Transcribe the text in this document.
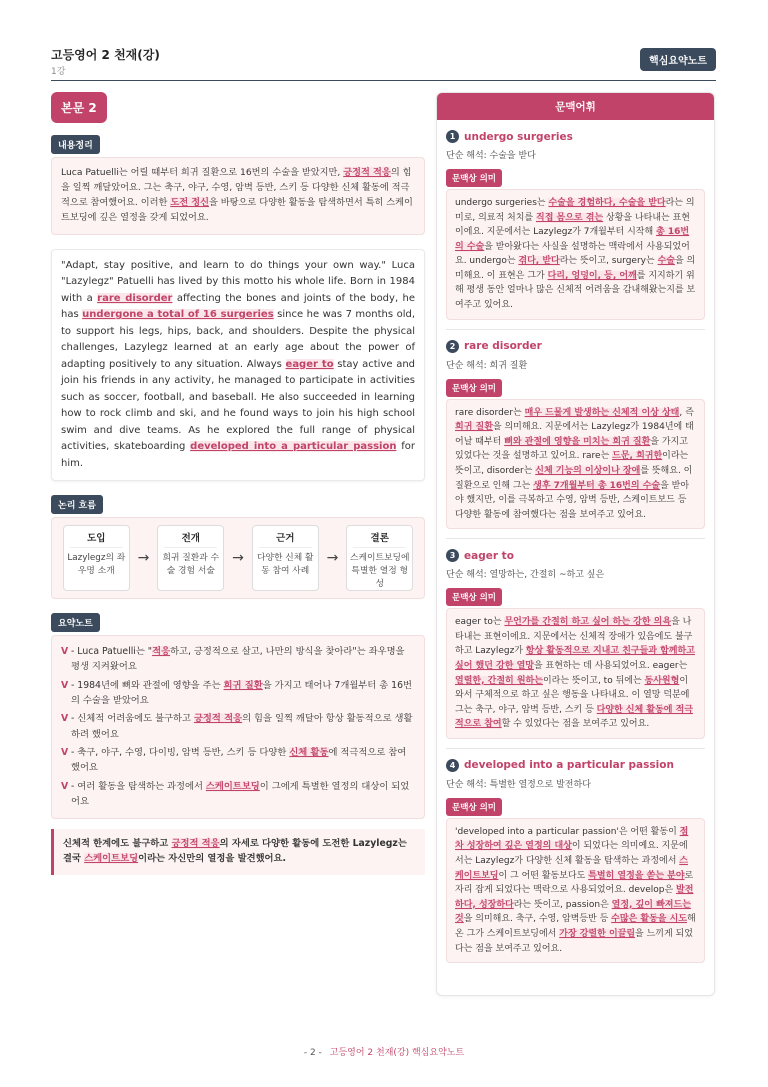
고등영어 2 천재(강)
1강
핵심요약노트
본문 2
내용정리
Luca Patuelli는 어릴 때부터 희귀 질환으로 16번의 수술을 받았지만, 긍정적 적응의 힘을 일찍 깨달았어요. 그는 축구, 야구, 수영, 암벽 등반, 스키 등 다양한 신체 활동에 적극적으로 참여했어요. 이러한 도전 정신을 바탕으로 다양한 활동을 탐색하면서 특히 스케이트보딩에 깊은 열정을 갖게 되었어요.
"Adapt, stay positive, and learn to do things your own way." Luca "Lazylegz" Patuelli has lived by this motto his whole life. Born in 1984 with a rare disorder affecting the bones and joints of the body, he has undergone a total of 16 surgeries since he was 7 months old, to support his legs, hips, back, and shoulders. Despite the physical challenges, Lazylegz learned at an early age about the power of adapting positively to any situation. Always eager to stay active and join his friends in any activity, he managed to participate in activities such as soccer, football, and baseball. He also succeeded in learning how to rock climb and ski, and he found ways to join his high school swim and dive teams. As he explored the full range of physical activities, skateboarding developed into a particular passion for him.
논리 흐름
도입
Lazylegz의 좌우명 소개
→
전개
희귀 질환과 수술 경험 서술
→
근거
다양한 신체 활동 참여 사례
→
결론
스케이트보딩에 특별한 열정 형성
요약노트
V - Luca Patuelli는 "적응하고, 긍정적으로 살고, 나만의 방식을 찾아라"는 좌우명을 평생 지켜왔어요
V - 1984년에 뼈와 관절에 영향을 주는 희귀 질환을 가지고 태어나 7개월부터 총 16번의 수술을 받았어요
V - 신체적 어려움에도 불구하고 긍정적 적응의 힘을 일찍 깨달아 항상 활동적으로 생활하려 했어요
V - 축구, 야구, 수영, 다이빙, 암벽 등반, 스키 등 다양한 신체 활동에 적극적으로 참여했어요
V - 여러 활동을 탐색하는 과정에서 스케이트보딩이 그에게 특별한 열정의 대상이 되었어요
신체적 한계에도 불구하고 긍정적 적응의 자세로 다양한 활동에 도전한 Lazylegz는 결국 스케이트보딩이라는 자신만의 열정을 발견했어요.
문맥어휘
1 undergo surgeries
단순 해석: 수술을 받다
문맥상 의미
undergo surgeries는 수술을 경험하다, 수술을 받다라는 의미로, 의료적 처치를 직접 몸으로 겪는 상황을 나타내는 표현이에요. 지문에서는 Lazylegz가 7개월부터 시작해 총 16번의 수술을 받아왔다는 사실을 설명하는 맥락에서 사용되었어요. undergo는 겪다, 받다라는 뜻이고, surgery는 수술을 의미해요. 이 표현은 그가 다리, 엉덩이, 등, 어깨를 지지하기 위해 평생 동안 얼마나 많은 신체적 어려움을 감내해왔는지를 보여주고 있어요.
2 rare disorder
단순 해석: 희귀 질환
문맥상 의미
rare disorder는 매우 드물게 발생하는 신체적 이상 상태, 즉 희귀 질환을 의미해요. 지문에서는 Lazylegz가 1984년에 태어날 때부터 뼈와 관절에 영향을 미치는 희귀 질환을 가지고 있었다는 것을 설명하고 있어요. rare는 드문, 희귀한이라는 뜻이고, disorder는 신체 기능의 이상이나 장애를 뜻해요. 이 질환으로 인해 그는 생후 7개월부터 총 16번의 수술을 받아야 했지만, 이를 극복하고 수영, 암벽 등반, 스케이트보드 등 다양한 활동에 참여했다는 점을 보여주고 있어요.
3 eager to
단순 해석: 열망하는, 간절히 ~하고 싶은
문맥상 의미
eager to는 무언가를 간절히 하고 싶어 하는 강한 의욕을 나타내는 표현이에요. 지문에서는 신체적 장애가 있음에도 불구하고 Lazylegz가 항상 활동적으로 지내고 친구들과 함께하고 싶어 했던 강한 열망을 표현하는 데 사용되었어요. eager는 열렬한, 간절히 원하는이라는 뜻이고, to 뒤에는 동사원형이 와서 구체적으로 하고 싶은 행동을 나타내요. 이 열망 덕분에 그는 축구, 야구, 암벽 등반, 스키 등 다양한 신체 활동에 적극적으로 참여할 수 있었다는 점을 보여주고 있어요.
4 developed into a particular passion
단순 해석: 특별한 열정으로 발전하다
문맥상 의미
'developed into a particular passion'은 어떤 활동이 점차 성장하여 깊은 열정의 대상이 되었다는 의미예요. 지문에서는 Lazylegz가 다양한 신체 활동을 탐색하는 과정에서 스케이트보딩이 그 어떤 활동보다도 특별히 열정을 쏟는 분야로 자리 잡게 되었다는 맥락으로 사용되었어요. develop은 발전하다, 성장하다라는 뜻이고, passion은 열정, 깊이 빠져드는 것을 의미해요. 축구, 수영, 암벽등반 등 수많은 활동을 시도해온 그가 스케이트보딩에서 가장 강렬한 이끌림을 느끼게 되었다는 점을 보여주고 있어요.
- 2 - 고등영어 2 천재(강) 핵심요약노트
